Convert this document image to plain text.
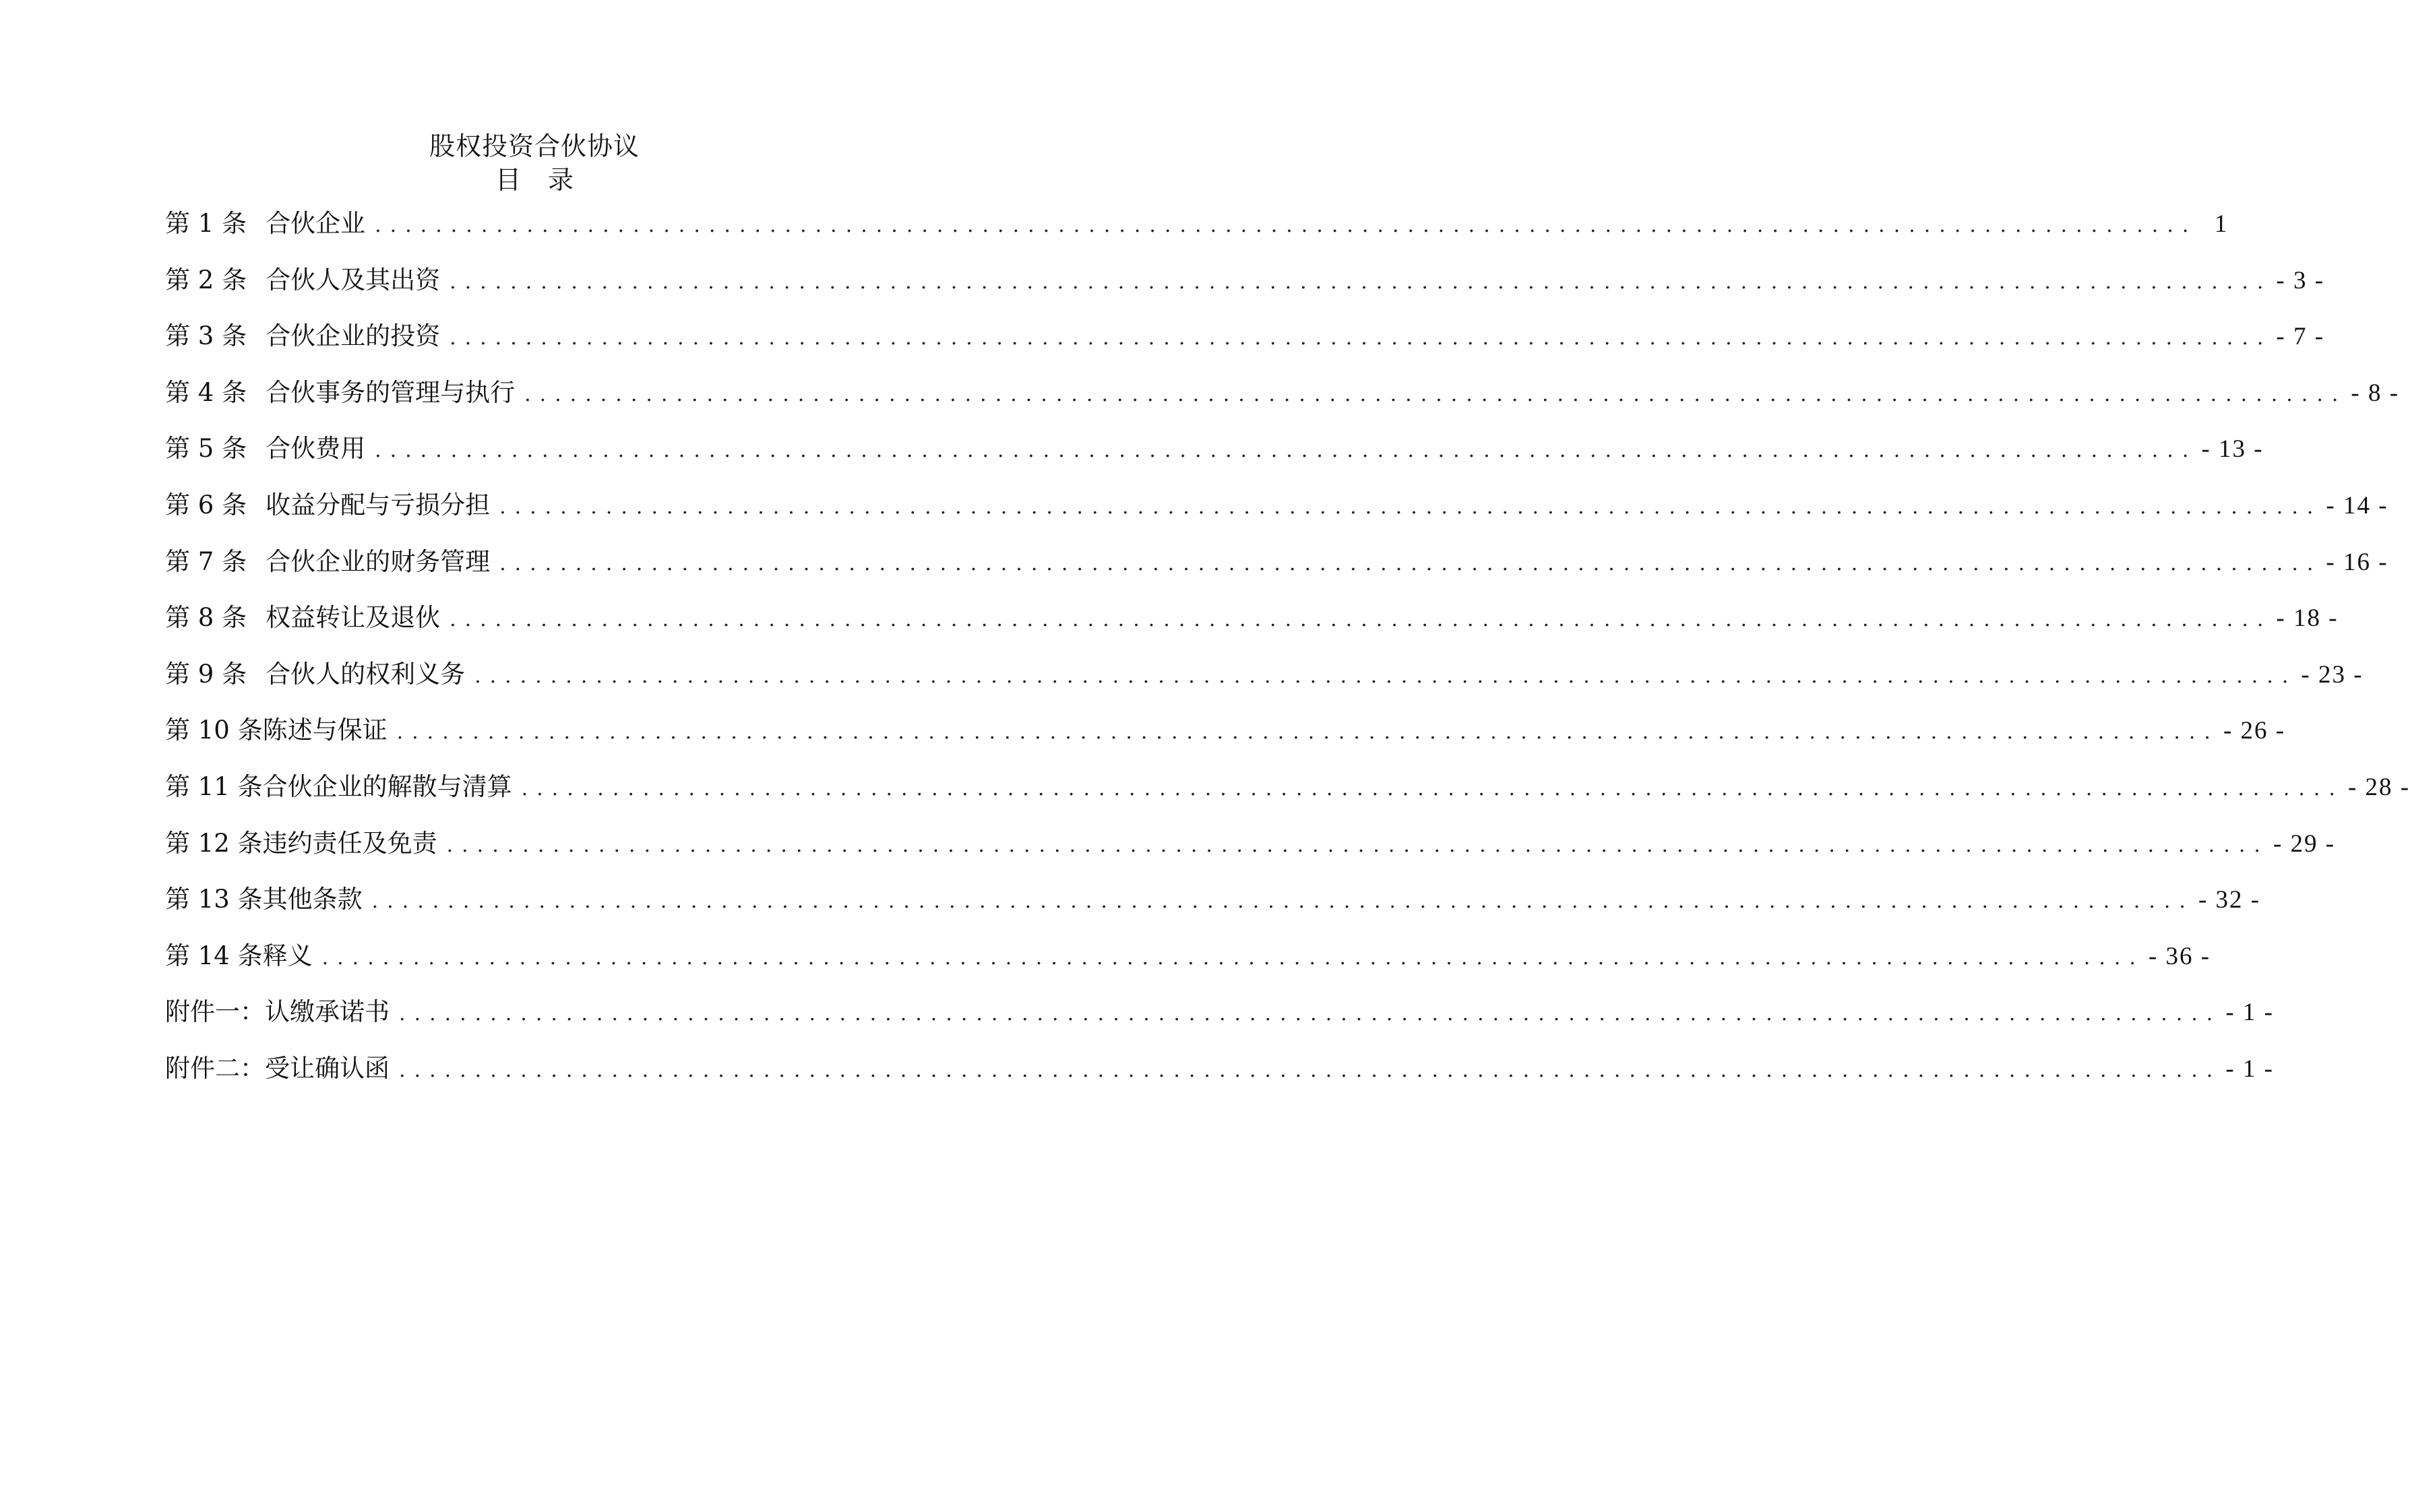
股权投资合伙协议
目 录
第 1 条 合伙企业 ........................................................................................................................ 1
第 2 条 合伙人及其出资 ........................................................................................................................ - 3 -
第 3 条 合伙企业的投资 ........................................................................................................................ - 7 -
第 4 条 合伙事务的管理与执行 ........................................................................................................................ - 8 -
第 5 条 合伙费用 ........................................................................................................................ - 13 -
第 6 条 收益分配与亏损分担 ........................................................................................................................ - 14 -
第 7 条 合伙企业的财务管理 ........................................................................................................................ - 16 -
第 8 条 权益转让及退伙 ........................................................................................................................ - 18 -
第 9 条 合伙人的权利义务 ........................................................................................................................ - 23 -
第 10 条陈述与保证 ........................................................................................................................ - 26 -
第 11 条合伙企业的解散与清算 ........................................................................................................................ - 28 -
第 12 条违约责任及免责 ........................................................................................................................ - 29 -
第 13 条其他条款 ........................................................................................................................ - 32 -
第 14 条释义 ........................................................................................................................ - 36 -
附件一：认缴承诺书 ........................................................................................................................ - 1 -
附件二：受让确认函 ........................................................................................................................ - 1 -
